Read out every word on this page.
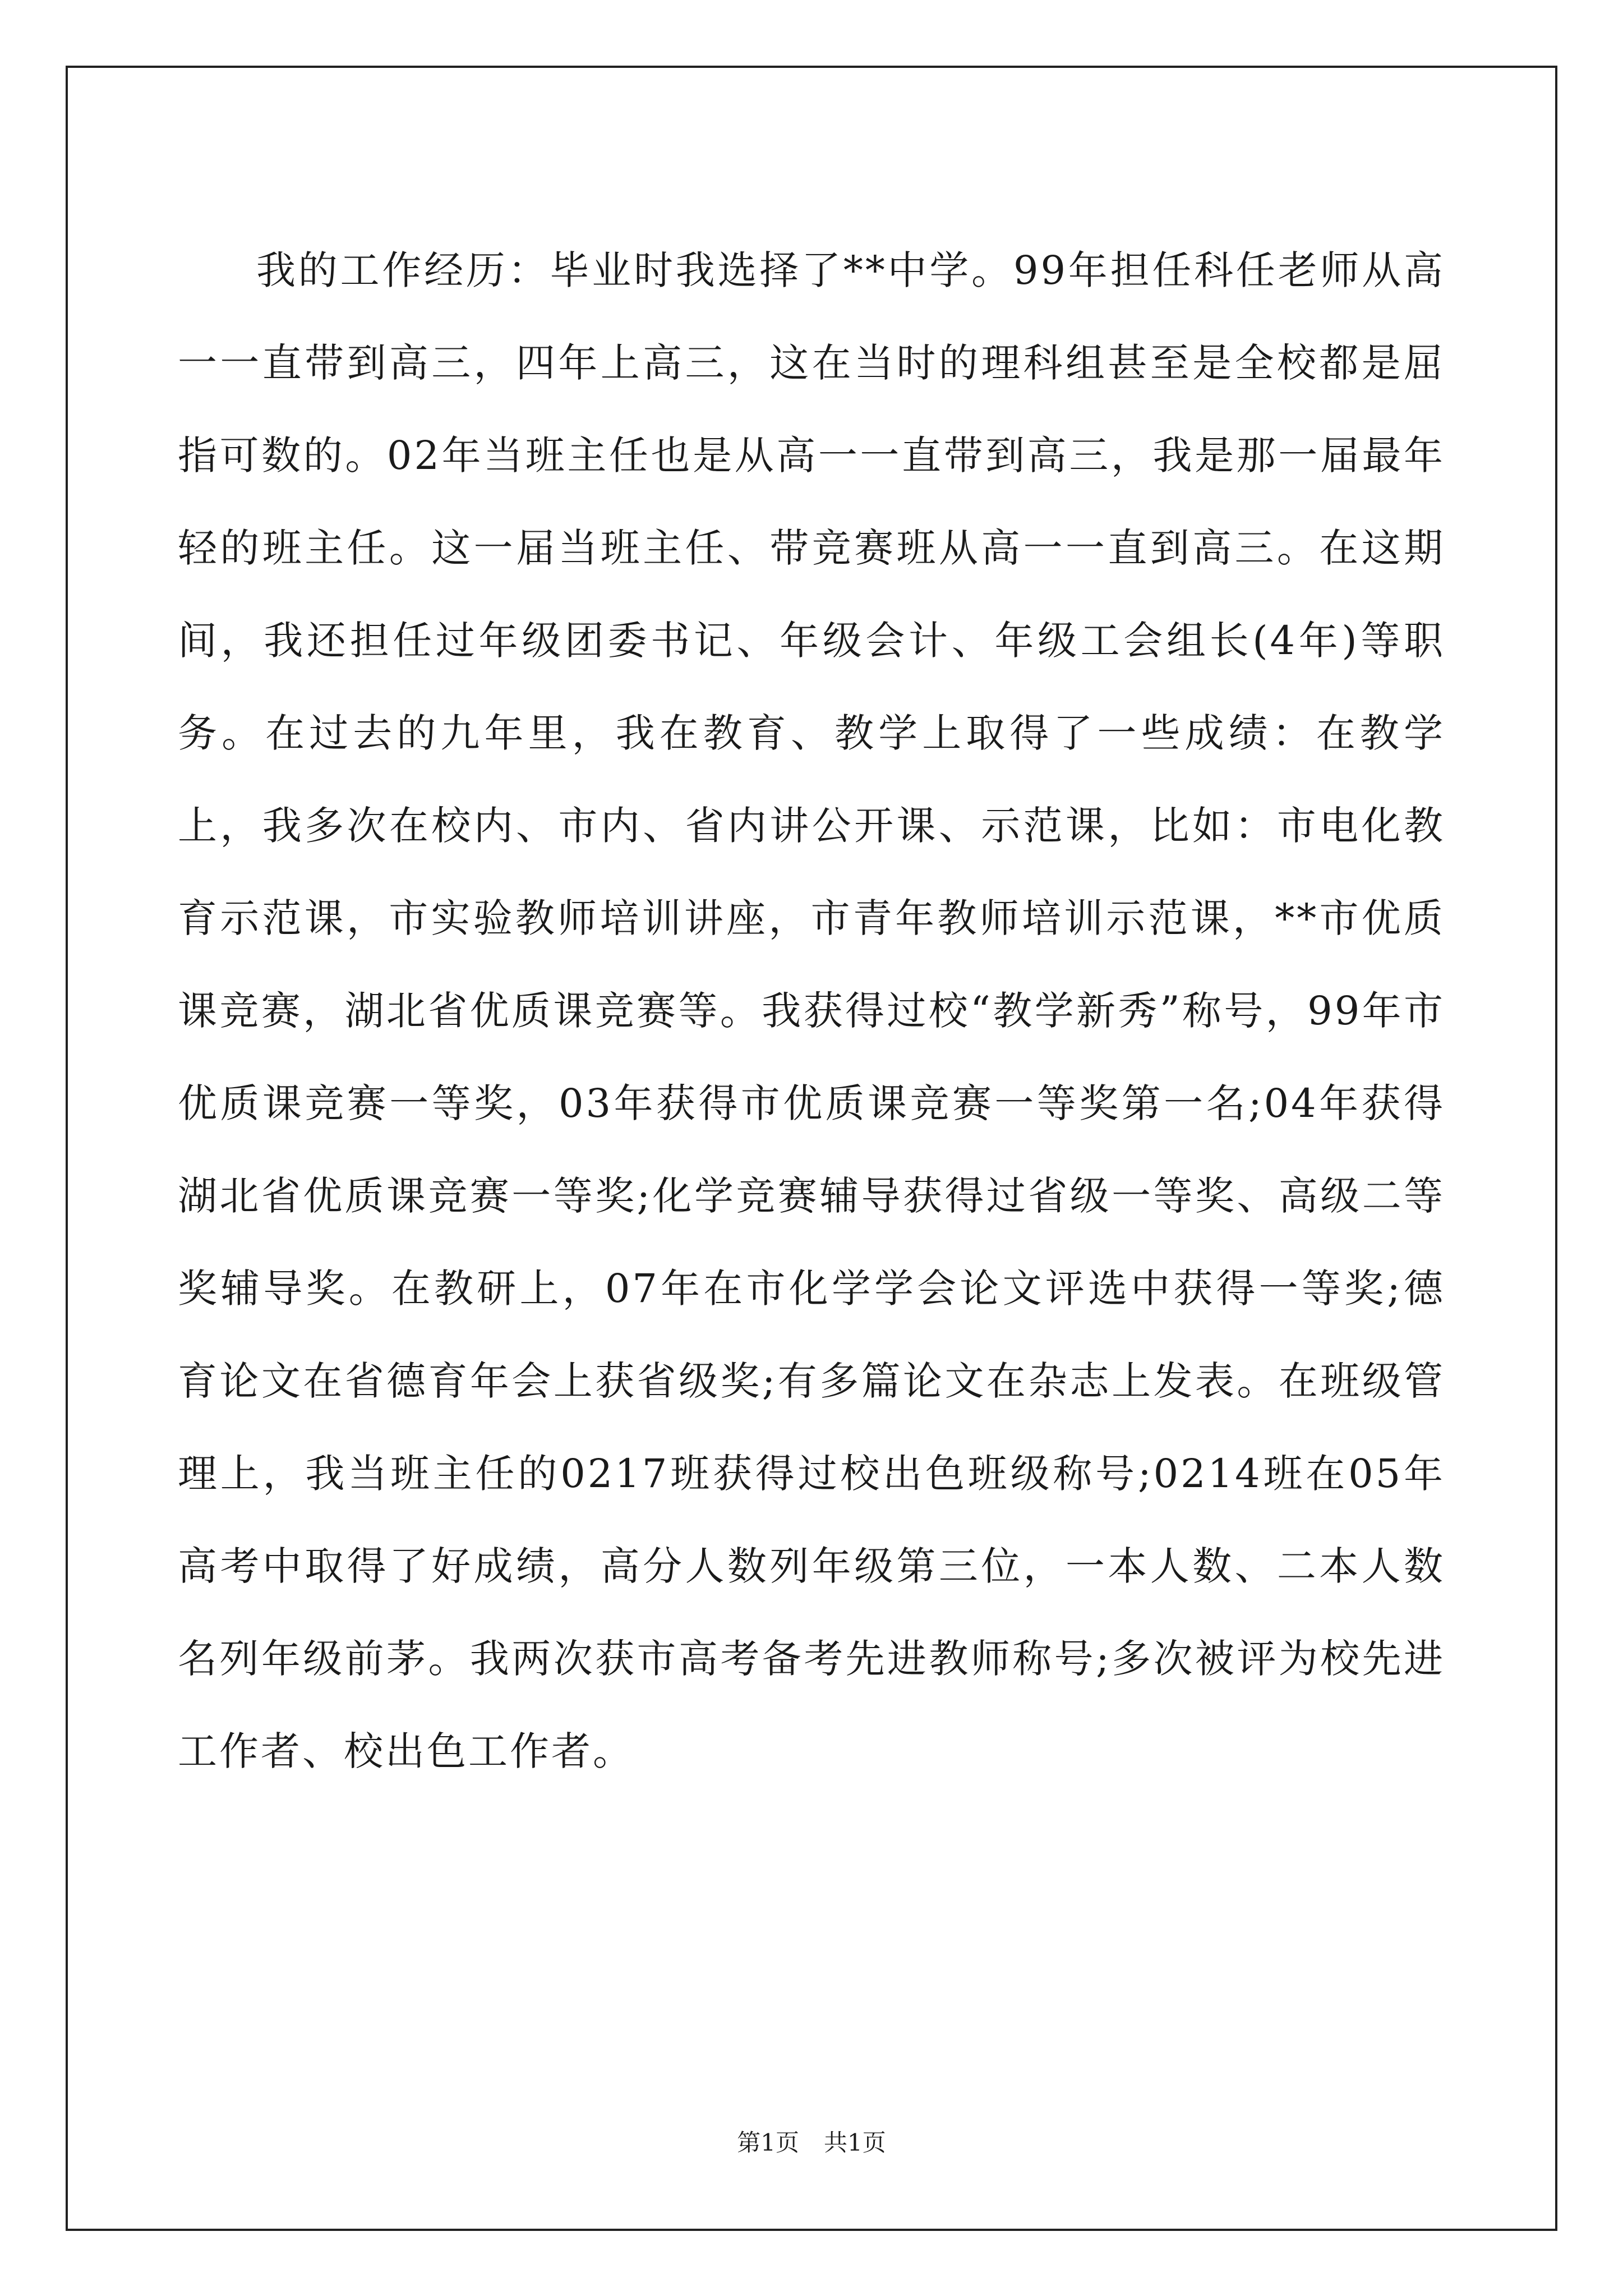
我的工作经历：毕业时我选择了**中学。99年担任科任老师从高一一直带到高三，四年上高三，这在当时的理科组甚至是全校都是屈指可数的。02年当班主任也是从高一一直带到高三，我是那一届最年轻的班主任。这一届当班主任、带竞赛班从高一一直到高三。在这期间，我还担任过年级团委书记、年级会计、年级工会组长(4年)等职务。在过去的九年里，我在教育、教学上取得了一些成绩：在教学上，我多次在校内、市内、省内讲公开课、示范课，比如：市电化教育示范课，市实验教师培训讲座，市青年教师培训示范课，**市优质课竞赛，湖北省优质课竞赛等。我获得过校“教学新秀”称号，99年市优质课竞赛一等奖，03年获得市优质课竞赛一等奖第一名;04年获得湖北省优质课竞赛一等奖;化学竞赛辅导获得过省级一等奖、高级二等奖辅导奖。在教研上，07年在市化学学会论文评选中获得一等奖;德育论文在省德育年会上获省级奖;有多篇论文在杂志上发表。在班级管理上，我当班主任的0217班获得过校出色班级称号;0214班在05年高考中取得了好成绩，高分人数列年级第三位，一本人数、二本人数名列年级前茅。我两次获市高考备考先进教师称号;多次被评为校先进工作者、校出色工作者。

第1页 共1页
